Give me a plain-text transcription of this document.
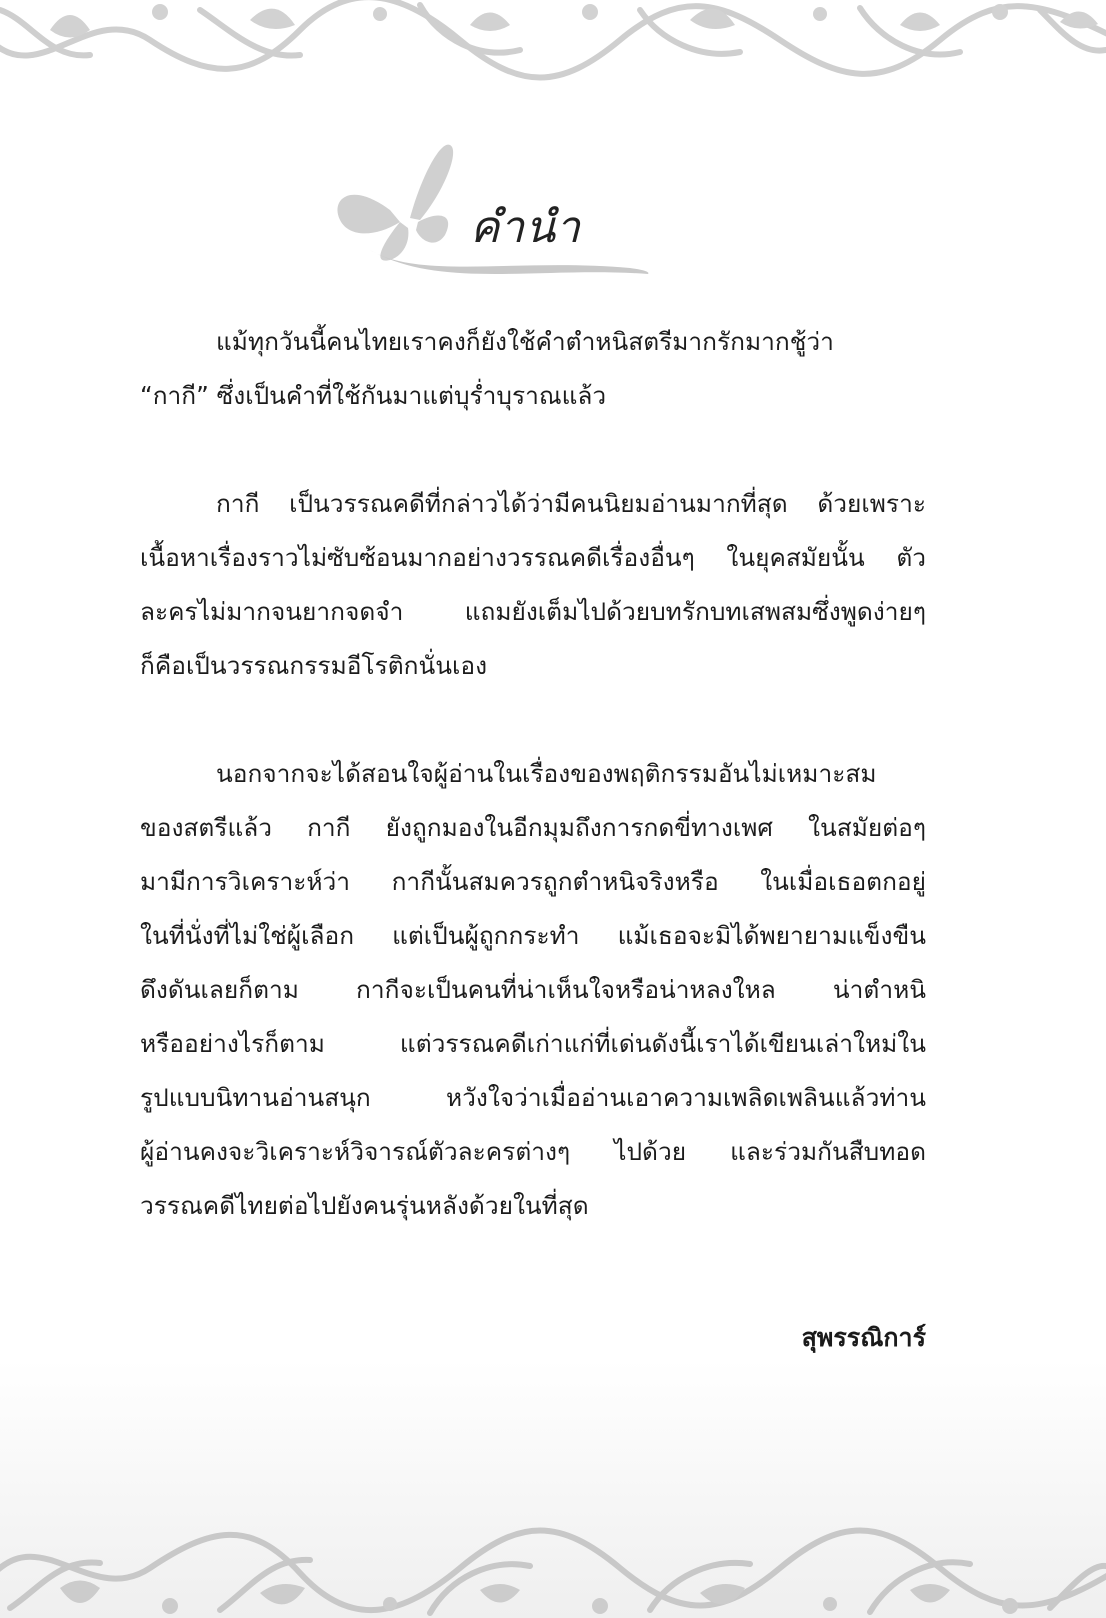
คำนำ
แม้ทุกวันนี้คนไทยเราคงก็ยังใช้คำตำหนิสตรีมากรักมากชู้ว่า
“กากี” ซึ่งเป็นคำที่ใช้กันมาแต่บุร่ำบุราณแล้ว
กากี เป็นวรรณคดีที่กล่าวได้ว่ามีคนนิยมอ่านมากที่สุด ด้วยเพราะ
เนื้อหาเรื่องราวไม่ซับซ้อนมากอย่างวรรณคดีเรื่องอื่นๆ ในยุคสมัยนั้น ตัว
ละครไม่มากจนยากจดจำ แถมยังเต็มไปด้วยบทรักบทเสพสมซึ่งพูดง่ายๆ
ก็คือเป็นวรรณกรรมอีโรติกนั่นเอง
นอกจากจะได้สอนใจผู้อ่านในเรื่องของพฤติกรรมอันไม่เหมาะสม
ของสตรีแล้ว กากี ยังถูกมองในอีกมุมถึงการกดขี่ทางเพศ ในสมัยต่อๆ
มามีการวิเคราะห์ว่า กากีนั้นสมควรถูกตำหนิจริงหรือ ในเมื่อเธอตกอยู่
ในที่นั่งที่ไม่ใช่ผู้เลือก แต่เป็นผู้ถูกกระทำ แม้เธอจะมิได้พยายามแข็งขืน
ดึงดันเลยก็ตาม กากีจะเป็นคนที่น่าเห็นใจหรือน่าหลงใหล น่าตำหนิ
หรืออย่างไรก็ตาม แต่วรรณคดีเก่าแก่ที่เด่นดังนี้เราได้เขียนเล่าใหม่ใน
รูปแบบนิทานอ่านสนุก หวังใจว่าเมื่ออ่านเอาความเพลิดเพลินแล้วท่าน
ผู้อ่านคงจะวิเคราะห์วิจารณ์ตัวละครต่างๆ ไปด้วย และร่วมกันสืบทอด
วรรณคดีไทยต่อไปยังคนรุ่นหลังด้วยในที่สุด
สุพรรณิการ์
